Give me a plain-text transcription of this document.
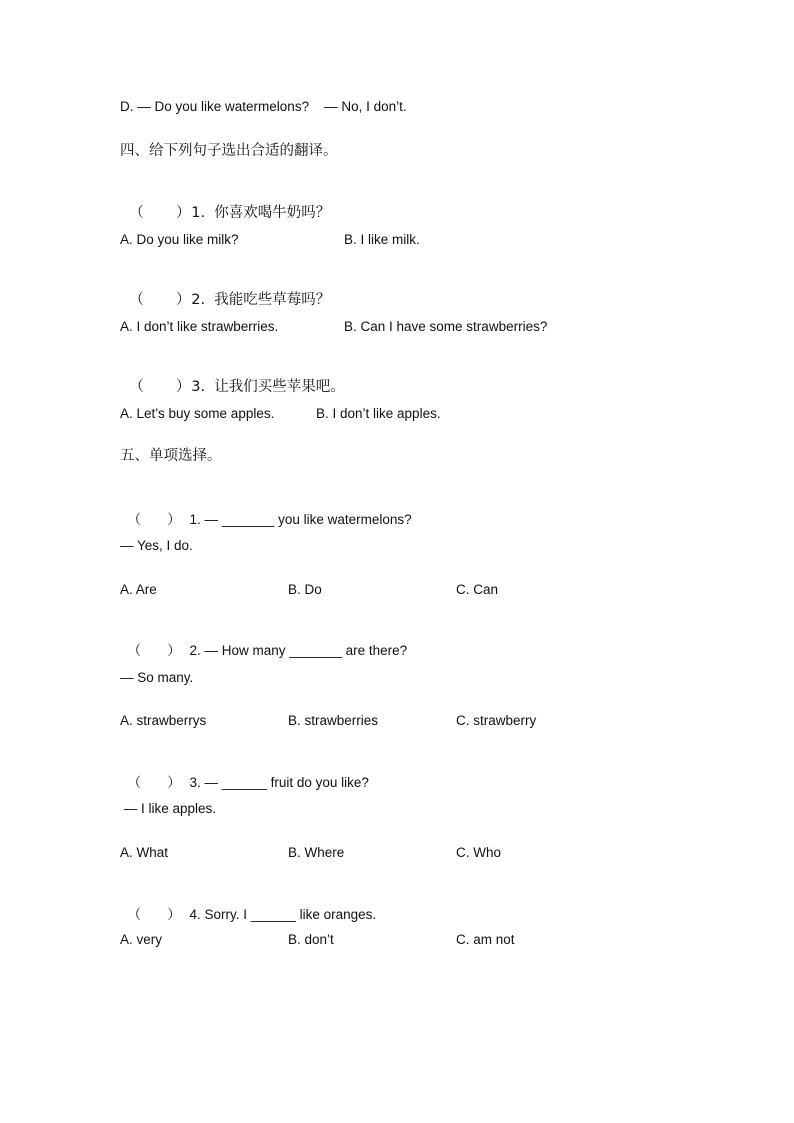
D. — Do you like watermelons?    — No, I don’t.
四、给下列句子选出合适的翻译。

（ ）1. 你喜欢喝牛奶吗？

A. Do you like milk?	B. I like milk.

（ ）2. 我能吃些草莓吗？

A. I don’t like strawberries.	B. Can I have some strawberries?

（ ）3. 让我们买些苹果吧。

A. Let’s buy some apples.	B. I don’t like apples.
五、单项选择。

（ ） 1. — _______ you like watermelons?

— Yes, I do.
A. Are	B. Do	C. Can

（ ） 2. — How many _______ are there?

— So many.
A. strawberrys	B. strawberries	C. strawberry

（ ） 3. — ______ fruit do you like?

— I like apples.
A. What	B. Where	C. Who

（ ） 4. Sorry. I ______ like oranges.

A. very	B. don’t	C. am not
